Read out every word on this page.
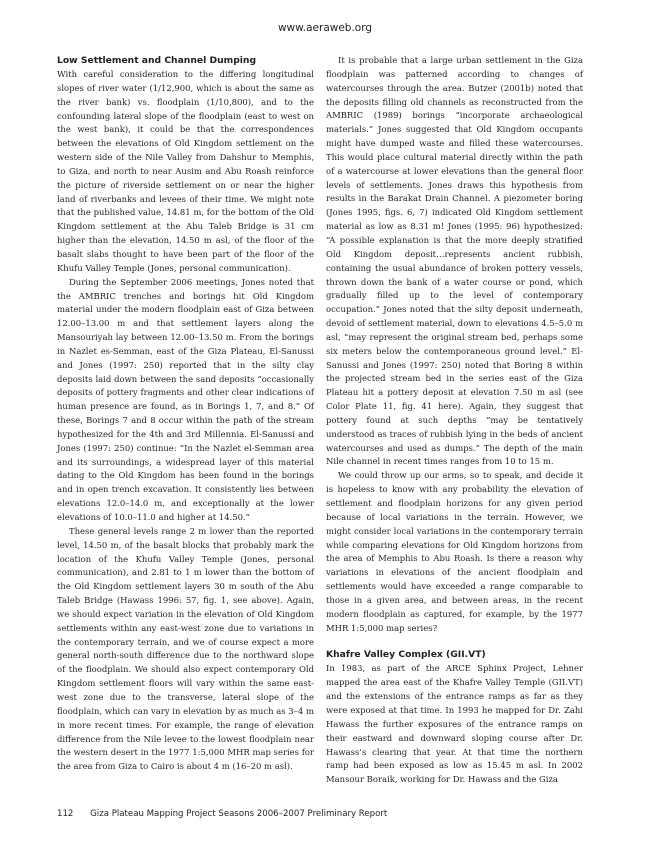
www.aeraweb.org
Low Settlement and Channel Dumping

With careful consideration to the differing longitudinal slopes of river water (1/12,900, which is about the same as the river bank) vs. floodplain (1/10,800), and to the confounding lateral slope of the floodplain (east to west on the west bank), it could be that the correspondences between the elevations of Old Kingdom settlement on the western side of the Nile Valley from Dahshur to Memphis, to Giza, and north to near Ausim and Abu Roash reinforce the picture of riverside settlement on or near the higher land of riverbanks and levees of their time. We might note that the published value, 14.81 m, for the bottom of the Old Kingdom settlement at the Abu Taleb Bridge is 31 cm higher than the elevation, 14.50 m asl, of the floor of the basalt slabs thought to have been part of the floor of the Khufu Valley Temple (Jones, personal communication).

During the September 2006 meetings, Jones noted that the AMBRIC trenches and borings hit Old Kingdom material under the modern floodplain east of Giza between 12.00–13.00 m and that settlement layers along the Mansouriyah lay between 12.00–13.50 m. From the borings in Nazlet es-Semman, east of the Giza Plateau, El-Sanussi and Jones (1997: 250) reported that in the silty clay deposits laid down between the sand deposits “occasionally deposits of pottery fragments and other clear indications of human presence are found, as in Borings 1, 7, and 8.” Of these, Borings 7 and 8 occur within the path of the stream hypothesized for the 4th and 3rd Millennia. El-Sanussi and Jones (1997: 250) continue: “In the Nazlet el-Semman area and its surroundings, a widespread layer of this material dating to the Old Kingdom has been found in the borings and in open trench excavation. It consistently lies between elevations 12.0–14.0 m, and exceptionally at the lower elevations of 10.0–11.0 and higher at 14.50.”

These general levels range 2 m lower than the reported level, 14.50 m, of the basalt blocks that probably mark the location of the Khufu Valley Temple (Jones, personal communication), and 2.81 to 1 m lower than the bottom of the Old Kingdom settlement layers 30 m south of the Abu Taleb Bridge (Hawass 1996: 57, fig. 1, see above). Again, we should expect variation in the elevation of Old Kingdom settlements within any east-west zone due to variations in the contemporary terrain, and we of course expect a more general north-south difference due to the northward slope of the floodplain. We should also expect contemporary Old Kingdom settlement floors will vary within the same east-west zone due to the transverse, lateral slope of the floodplain, which can vary in elevation by as much as 3–4 m in more recent times. For example, the range of elevation difference from the Nile levee to the lowest floodplain near the western desert in the 1977 1:5,000 MHR map series for the area from Giza to Cairo is about 4 m (16–20 m asl).

It is probable that a large urban settlement in the Giza floodplain was patterned according to changes of watercourses through the area. Butzer (2001b) noted that the deposits filling old channels as reconstructed from the AMBRIC (1989) borings “incorporate archaeological materials.” Jones suggested that Old Kingdom occupants might have dumped waste and filled these watercourses. This would place cultural material directly within the path of a watercourse at lower elevations than the general floor levels of settlements. Jones draws this hypothesis from results in the Barakat Drain Channel. A piezometer boring (Jones 1995, figs. 6, 7) indicated Old Kingdom settlement material as low as 8.31 m! Jones (1995: 96) hypothesized: “A possible explanation is that the more deeply stratified Old Kingdom deposit…represents ancient rubbish, containing the usual abundance of broken pottery vessels, thrown down the bank of a water course or pond, which gradually filled up to the level of contemporary occupation.” Jones noted that the silty deposit underneath, devoid of settlement material, down to elevations 4.5–5.0 m asl, “may represent the original stream bed, perhaps some six meters below the contemporaneous ground level.” El-Sanussi and Jones (1997: 250) noted that Boring 8 within the projected stream bed in the series east of the Giza Plateau hit a pottery deposit at elevation 7.50 m asl (see Color Plate 11, fig. 41 here). Again, they suggest that pottery found at such depths “may be tentatively understood as traces of rubbish lying in the beds of ancient watercourses and used as dumps.” The depth of the main Nile channel in recent times ranges from 10 to 15 m.

We could throw up our arms, so to speak, and decide it is hopeless to know with any probability the elevation of settlement and floodplain horizons for any given period because of local variations in the terrain. However, we might consider local variations in the contemporary terrain while comparing elevations for Old Kingdom horizons from the area of Memphis to Abu Roash. Is there a reason why variations in elevations of the ancient floodplain and settlements would have exceeded a range comparable to those in a given area, and between areas, in the recent modern floodplain as captured, for example, by the 1977 MHR 1:5,000 map series?

Khafre Valley Complex (GII.VT)

In 1983, as part of the ARCE Sphinx Project, Lehner mapped the area east of the Khafre Valley Temple (GII.VT) and the extensions of the entrance ramps as far as they were exposed at that time. In 1993 he mapped for Dr. Zahi Hawass the further exposures of the entrance ramps on their eastward and downward sloping course after Dr. Hawass’s clearing that year. At that time the northern ramp had been exposed as low as 15.45 m asl. In 2002 Mansour Boraik, working for Dr. Hawass and the Giza

112 Giza Plateau Mapping Project Seasons 2006–2007 Preliminary Report
